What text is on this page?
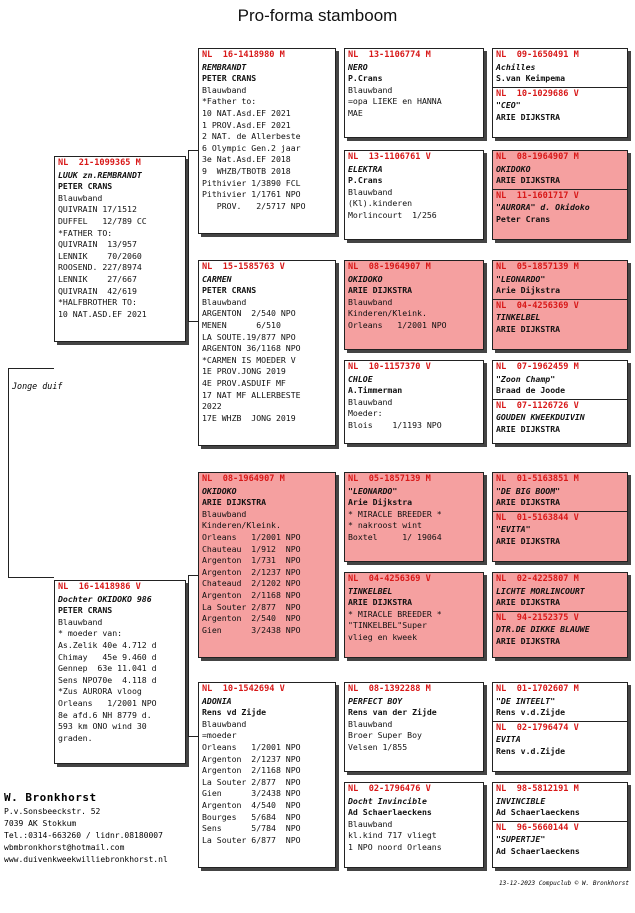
Pro-forma stamboom
Jonge duif
NL  21-1099365 M
LUUK zn.REMBRANDT
PETER CRANS
Blauwband
QUIVRAIN 17/1512
DUFFEL   12/789 CC
*FATHER TO:
QUIVRAIN  13/957
LENNIK    70/2060
ROOSEND. 227/8974
LENNIK    27/667
QUIVRAIN  42/619
*HALFBROTHER TO:
10 NAT.ASD.EF 2021
NL  16-1418986 V
Dochter OKIDOKO 986
PETER CRANS
Blauwband
* moeder van:
As.Zelik 40e 4.712 d
Chimay   45e 9.460 d
Gennep  63e 11.041 d
Sens NPO70e  4.118 d
*Zus AURORA vloog
Orleans   1/2001 NPO
8e afd.6 NH 8779 d.
593 km ONO wind 30
graden.
NL  16-1418980 M
REMBRANDT
PETER CRANS
Blauwband
*Father to:
10 NAT.Asd.EF 2021
1 PROV.Asd.EF 2021
2 NAT. de Allerbeste
6 Olympic Gen.2 jaar
3e Nat.Asd.EF 2018
9  WHZB/TBOTB 2018
Pithivier 1/3890 FCL
Pithivier 1/1761 NPO
PROV.   2/5717 NPO
NL  15-1585763 V
CARMEN
PETER CRANS
Blauwband
ARGENTON  2/540 NPO
MENEN      6/510
LA SOUTE.19/877 NPO
ARGENTON 36/1168 NPO
*CARMEN IS MOEDER V
1E PROV.JONG 2019
4E PROV.ASDUIF MF
17 NAT MF ALLERBESTE
2022
17E WHZB  JONG 2019
NL  08-1964907 M
OKIDOKO
ARIE DIJKSTRA
Blauwband
Kinderen/Kleink.
Orleans   1/2001 NPO
Chauteau  1/912  NPO
Argenton  1/731  NPO
Argenton  2/1237 NPO
Chateaud  2/1202 NPO
Argenton  2/1168 NPO
La Souter 2/877  NPO
Argenton  2/540  NPO
Gien      3/2438 NPO
NL  10-1542694 V
ADONIA
Rens vd Zijde
Blauwband
=moeder
Orleans   1/2001 NPO
Argenton  2/1237 NPO
Argenton  2/1168 NPO
La Souter 2/877  NPO
Gien      3/2438 NPO
Argenton  4/540  NPO
Bourges   5/684  NPO
Sens      5/784  NPO
La Souter 6/877  NPO
NL  13-1106774 M
NERO
P.Crans
Blauwband
=opa LIEKE en HANNA
MAE
NL  13-1106761 V
ELEKTRA
P.Crans
Blauwband
(Kl).kinderen
Morlincourt  1/256
NL  08-1964907 M
OKIDOKO
ARIE DIJKSTRA
Blauwband
Kinderen/Kleink.
Orleans   1/2001 NPO
NL  10-1157370 V
CHLOE
A.Timmerman
Blauwband
Moeder:
Blois    1/1193 NPO
NL  05-1857139 M
"LEONARDO"
Arie Dijkstra
* MIRACLE BREEDER *
* nakroost wint
Boxtel     1/ 19064
NL  04-4256369 V
TINKELBEL
ARIE DIJKSTRA
* MIRACLE BREEDER *
"TINKELBEL"Super
vlieg en kweek
NL  08-1392288 M
PERFECT BOY
Rens van der Zijde
Blauwband
Broer Super Boy
Velsen 1/855
NL  02-1796476 V
Docht Invincible
Ad Schaerlaeckens
Blauwband
kl.kind 717 vliegt
1 NPO noord Orleans
NL  09-1650491 M
Achilles
S.van Keimpema
NL  10-1029686 V
"CEO"
ARIE DIJKSTRA
NL  08-1964907 M
OKIDOKO
ARIE DIJKSTRA
NL  11-1601717 V
"AURORA" d. Okidoko
Peter Crans
NL  05-1857139 M
"LEONARDO"
Arie Dijkstra
NL  04-4256369 V
TINKELBEL
ARIE DIJKSTRA
NL  07-1962459 M
"Zoon Champ"
Braad de Joode
NL  07-1126726 V
GOUDEN KWEEKDUIVIN
ARIE DIJKSTRA
NL  01-5163851 M
"DE BIG BOOM"
ARIE DIJKSTRA
NL  01-5163844 V
"EVITA"
ARIE DIJKSTRA
NL  02-4225807 M
LICHTE MORLINCOURT
ARIE DIJKSTRA
NL  94-2152375 V
DTR.DE DIKKE BLAUWE
ARIE DIJKSTRA
NL  01-1702607 M
"DE INTEELT"
Rens v.d.Zijde
NL  02-1796474 V
EVITA
Rens v.d.Zijde
NL  98-5812191 M
INVINCIBLE
Ad Schaerlaeckens
NL  96-5660144 V
"SUPERTJE"
Ad Schaerlaeckens
W. Bronkhorst
P.v.Sonsbeeckstr. 52
7039 AK Stokkum
Tel.:0314-663260 / lidnr.08180007
wbmbronkhorst@hotmail.com
www.duivenkweekwilliebronkhorst.nl
13-12-2023 Compuclub © W. Bronkhorst
